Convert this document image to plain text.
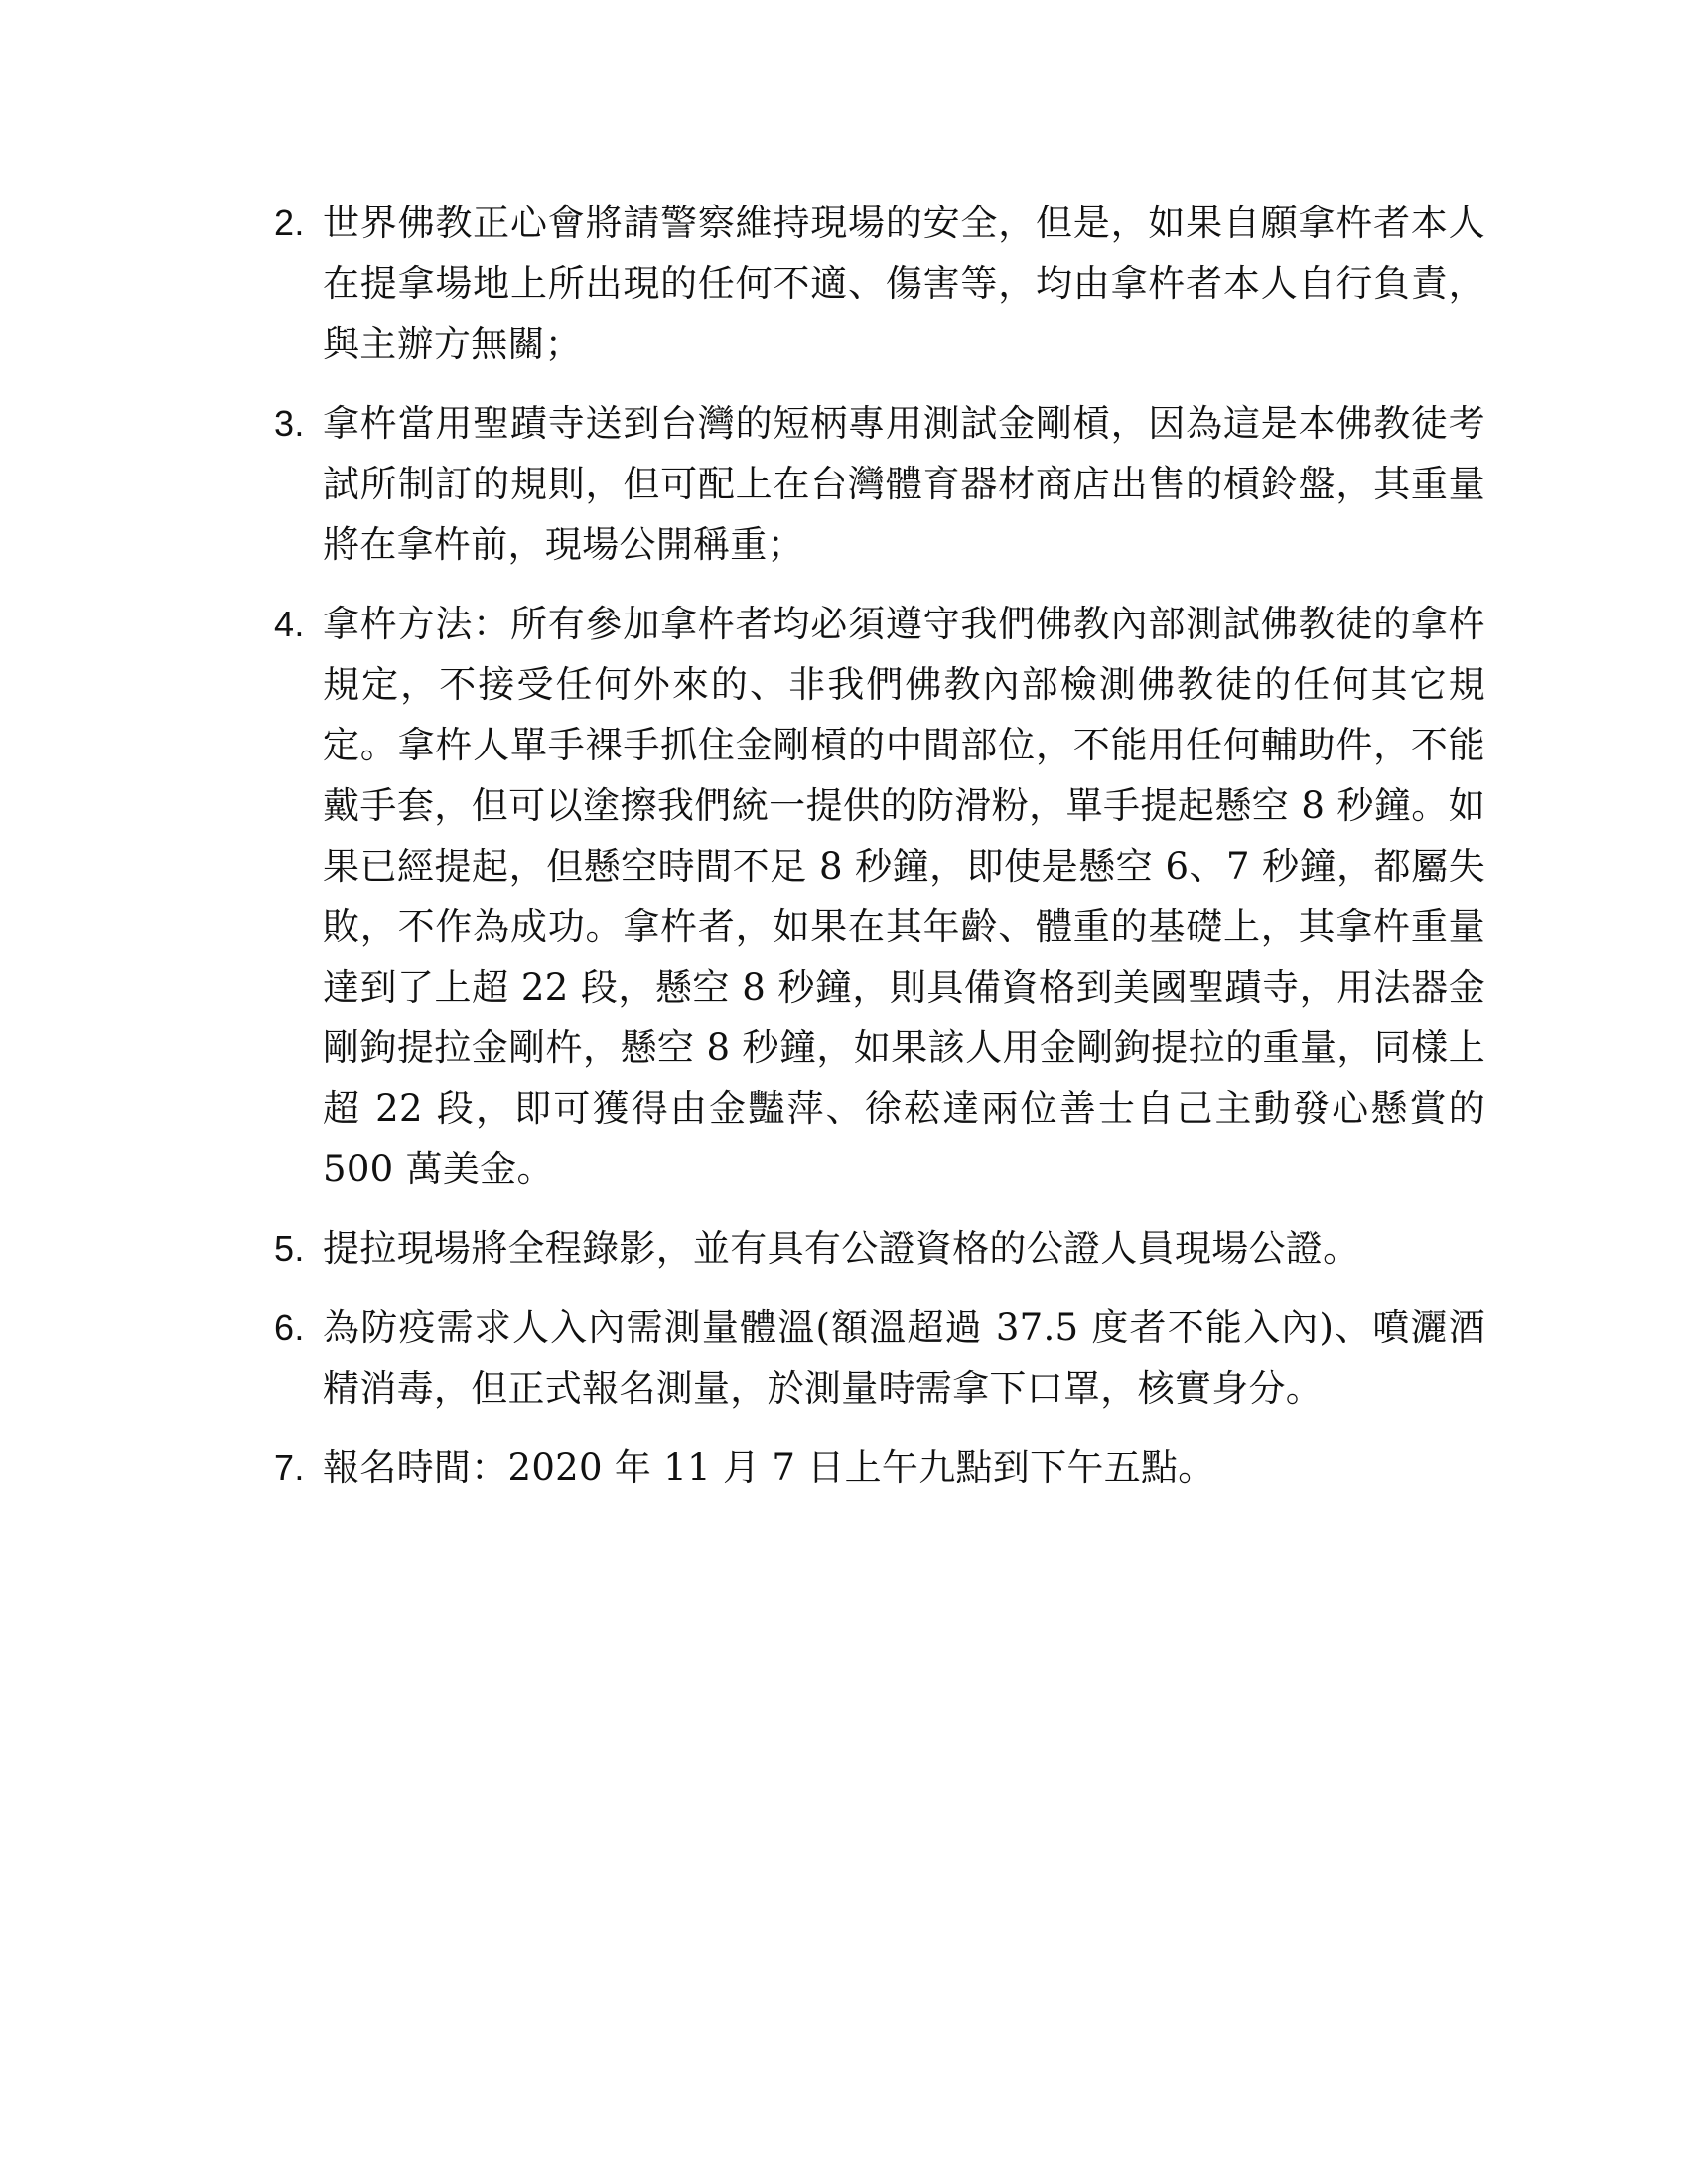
2. 世界佛教正心會將請警察維持現場的安全，但是，如果自願拿杵者本人在提拿場地上所出現的任何不適、傷害等，均由拿杵者本人自行負責，與主辦方無關；
3. 拿杵當用聖蹟寺送到台灣的短柄專用測試金剛槓，因為這是本佛教徒考試所制訂的規則，但可配上在台灣體育器材商店出售的槓鈴盤，其重量將在拿杵前，現場公開稱重；
4. 拿杵方法：所有參加拿杵者均必須遵守我們佛教內部測試佛教徒的拿杵規定，不接受任何外來的、非我們佛教內部檢測佛教徒的任何其它規定。拿杵人單手裸手抓住金剛槓的中間部位，不能用任何輔助件，不能戴手套，但可以塗擦我們統一提供的防滑粉，單手提起懸空 8 秒鐘。如果已經提起，但懸空時間不足 8 秒鐘，即使是懸空 6、7 秒鐘，都屬失敗，不作為成功。拿杵者，如果在其年齡、體重的基礎上，其拿杵重量達到了上超 22 段，懸空 8 秒鐘，則具備資格到美國聖蹟寺，用法器金剛鉤提拉金剛杵，懸空 8 秒鐘，如果該人用金剛鉤提拉的重量，同樣上超 22 段，即可獲得由金豔萍、徐菘達兩位善士自己主動發心懸賞的 500 萬美金。
5. 提拉現場將全程錄影，並有具有公證資格的公證人員現場公證。
6. 為防疫需求人入內需測量體溫(額溫超過 37.5 度者不能入內)、噴灑酒精消毒，但正式報名測量，於測量時需拿下口罩，核實身分。
7. 報名時間：2020 年 11 月 7 日上午九點到下午五點。
